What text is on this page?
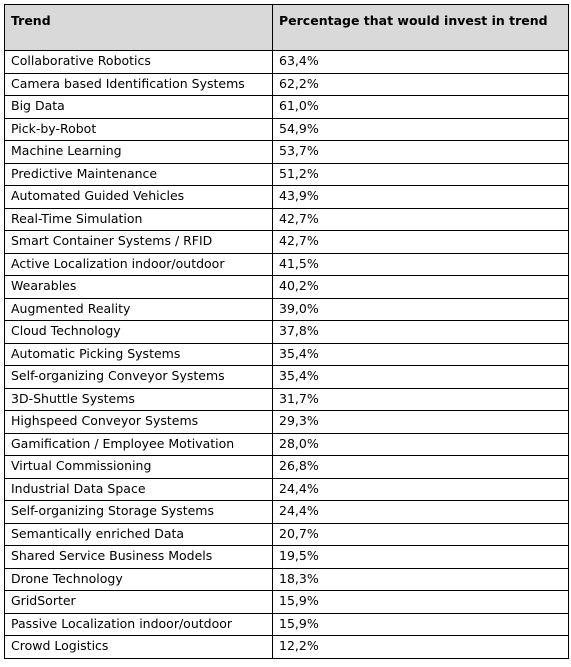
Trend	Percentage that would invest in trend
Collaborative Robotics	63,4%
Camera based Identification Systems	62,2%
Big Data	61,0%
Pick-by-Robot	54,9%
Machine Learning	53,7%
Predictive Maintenance	51,2%
Automated Guided Vehicles	43,9%
Real-Time Simulation	42,7%
Smart Container Systems / RFID	42,7%
Active Localization indoor/outdoor	41,5%
Wearables	40,2%
Augmented Reality	39,0%
Cloud Technology	37,8%
Automatic Picking Systems	35,4%
Self-organizing Conveyor Systems	35,4%
3D-Shuttle Systems	31,7%
Highspeed Conveyor Systems	29,3%
Gamification / Employee Motivation	28,0%
Virtual Commissioning	26,8%
Industrial Data Space	24,4%
Self-organizing Storage Systems	24,4%
Semantically enriched Data	20,7%
Shared Service Business Models	19,5%
Drone Technology	18,3%
GridSorter	15,9%
Passive Localization indoor/outdoor	15,9%
Crowd Logistics	12,2%
